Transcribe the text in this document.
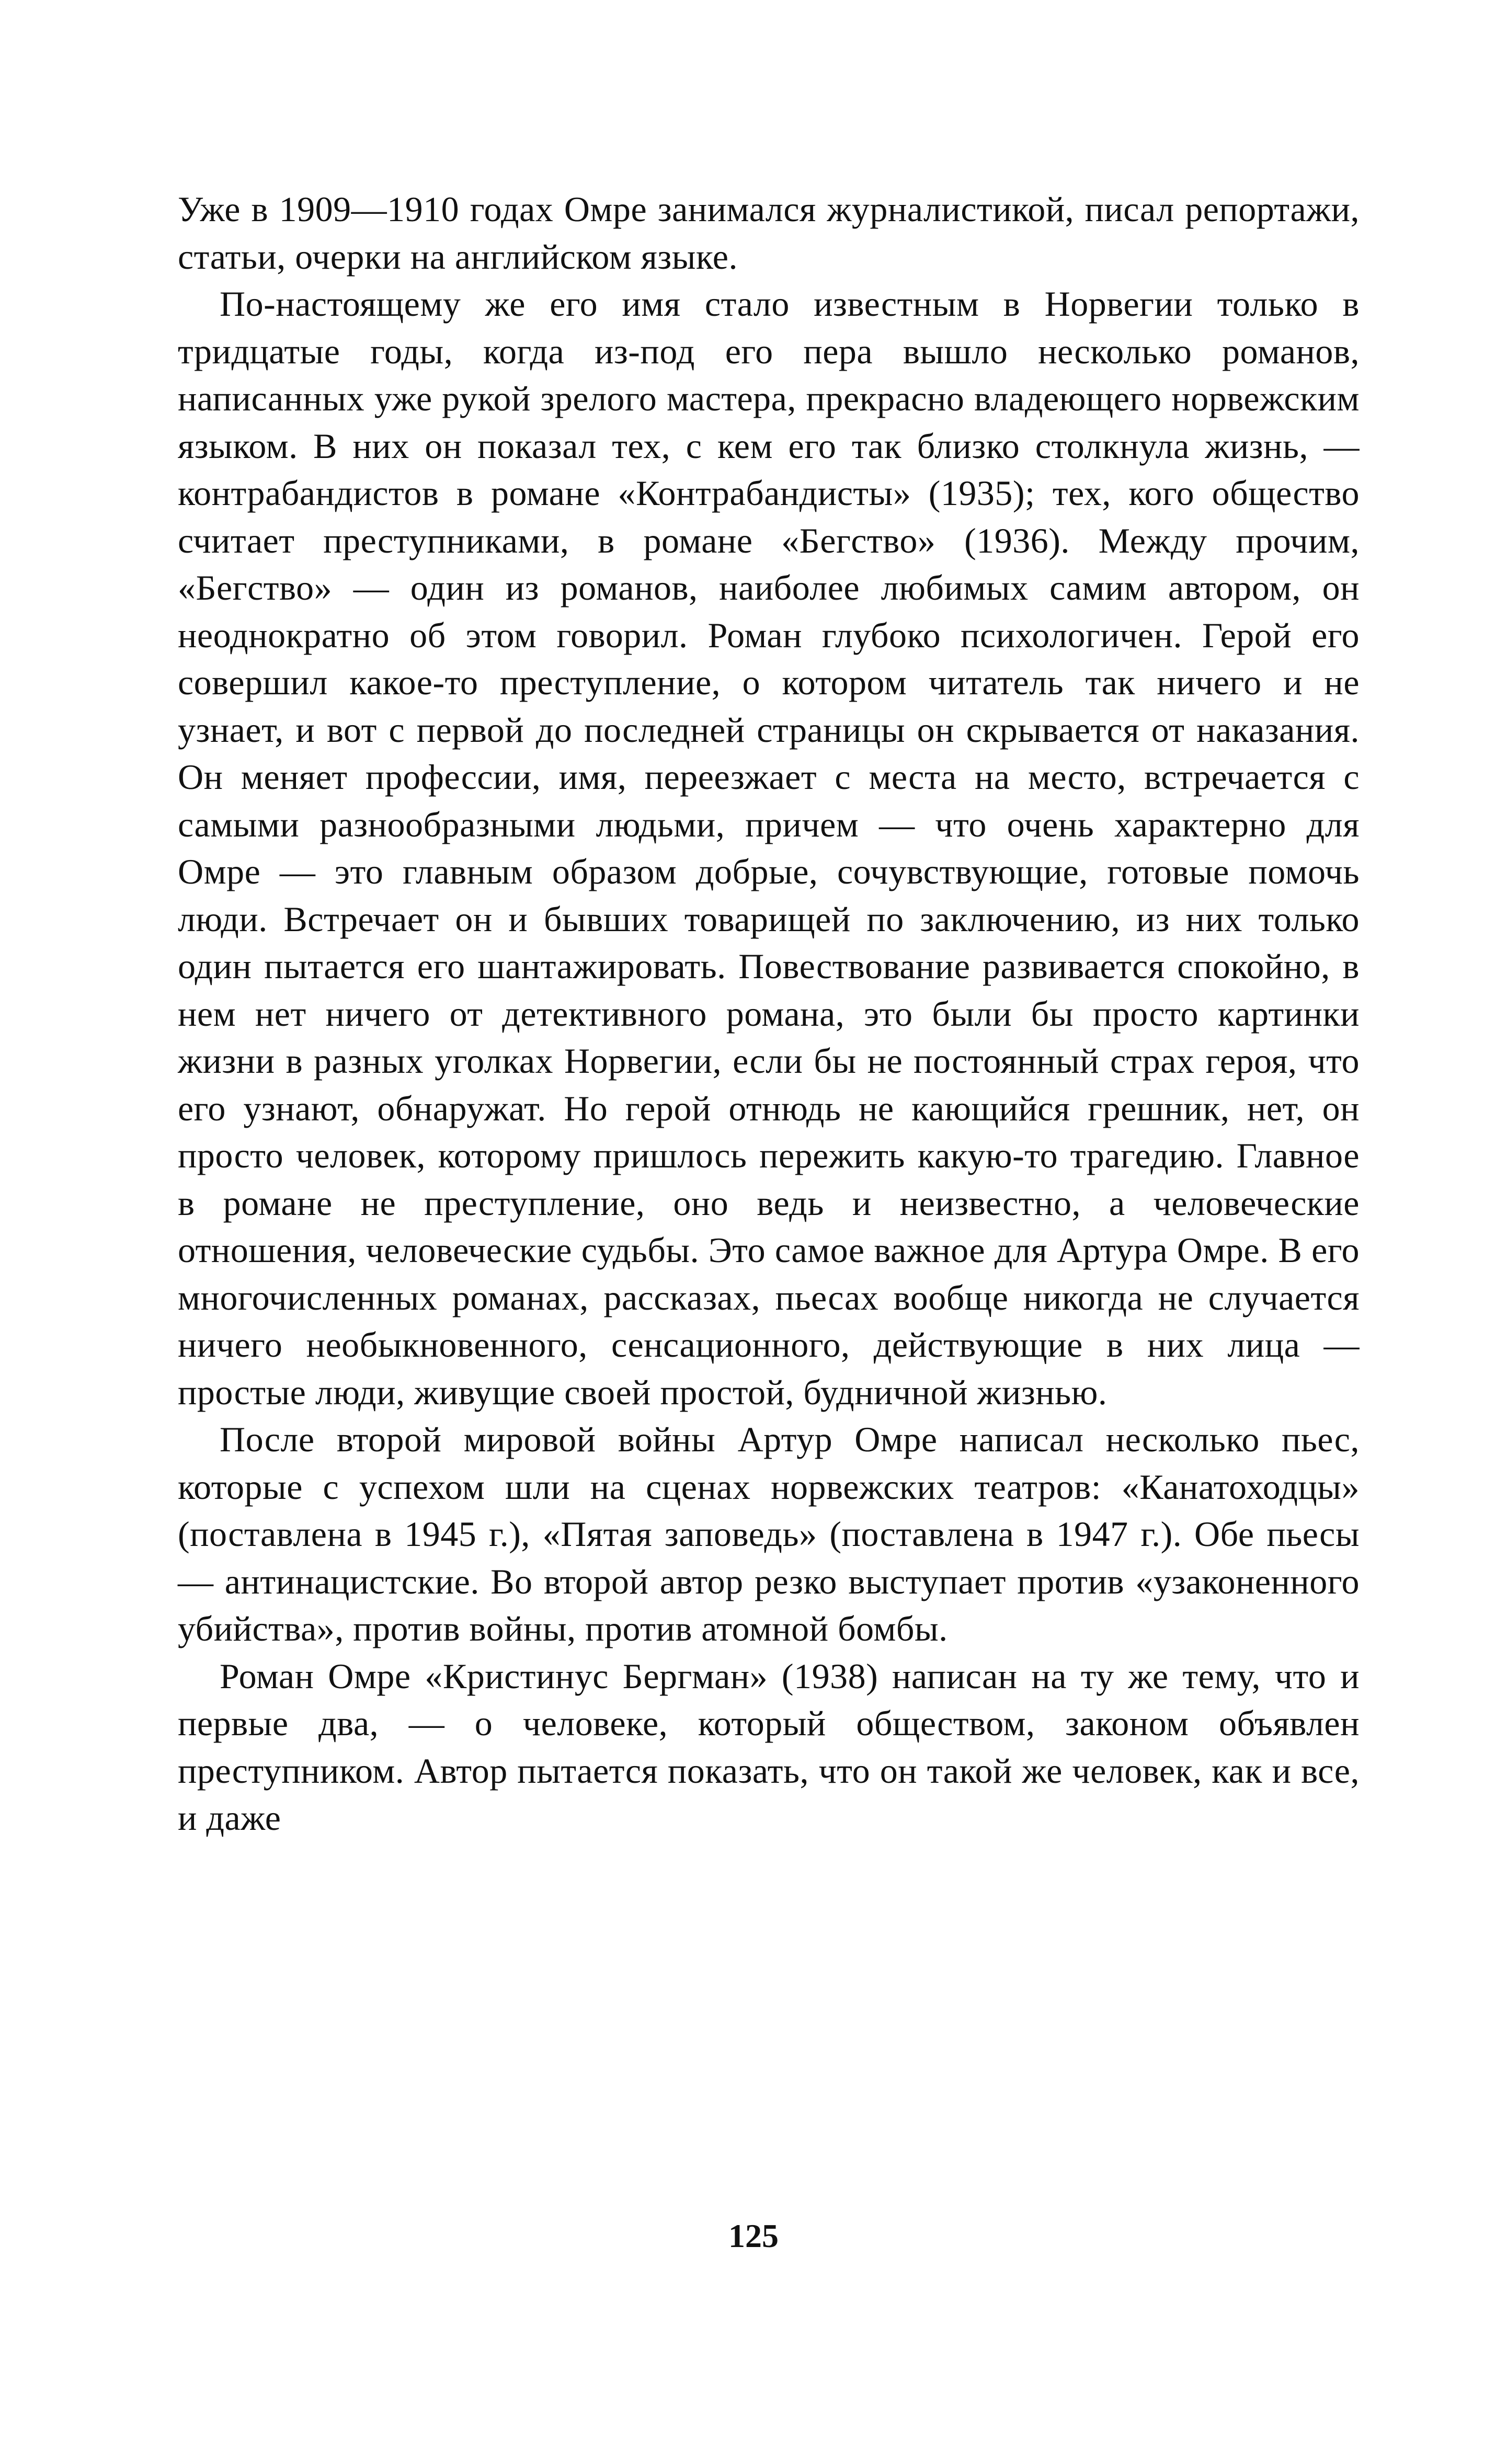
Уже в 1909—1910 годах Омре занимался журналистикой, писал репортажи, статьи, очерки на английском языке.

По-настоящему же его имя стало известным в Норвегии только в тридцатые годы, когда из-под его пера вышло несколько романов, написанных уже рукой зрелого мастера, прекрасно владеющего норвежским языком. В них он показал тех, с кем его так близко столкнула жизнь, — контрабандистов в романе «Контрабандисты» (1935); тех, кого общество считает преступниками, в романе «Бегство» (1936). Между прочим, «Бегство» — один из романов, наиболее любимых самим автором, он неоднократно об этом говорил. Роман глубоко психологичен. Герой его совершил какое-то преступление, о котором читатель так ничего и не узнает, и вот с первой до последней страницы он скрывается от наказания. Он меняет профессии, имя, переезжает с места на место, встречается с самыми разнообразными людьми, причем — что очень характерно для Омре — это главным образом добрые, сочувствующие, готовые помочь люди. Встречает он и бывших товарищей по заключению, из них только один пытается его шантажировать. Повествование развивается спокойно, в нем нет ничего от детективного романа, это были бы просто картинки жизни в разных уголках Норвегии, если бы не постоянный страх героя, что его узнают, обнаружат. Но герой отнюдь не кающийся грешник, нет, он просто человек, которому пришлось пережить какую-то трагедию. Главное в романе не преступление, оно ведь и неизвестно, а человеческие отношения, человеческие судьбы. Это самое важное для Артура Омре. В его многочисленных романах, рассказах, пьесах вообще никогда не случается ничего необыкновенного, сенсационного, действующие в них лица — простые люди, живущие своей простой, будничной жизнью.

После второй мировой войны Артур Омре написал несколько пьес, которые с успехом шли на сценах норвежских театров: «Канатоходцы» (поставлена в 1945 г.), «Пятая заповедь» (поставлена в 1947 г.). Обе пьесы — антинацистские. Во второй автор резко выступает против «узаконенного убийства», против войны, против атомной бомбы.

Роман Омре «Кристинус Бергман» (1938) написан на ту же тему, что и первые два, — о человеке, который обществом, законом объявлен преступником. Автор пытается показать, что он такой же человек, как и все, и даже

125
